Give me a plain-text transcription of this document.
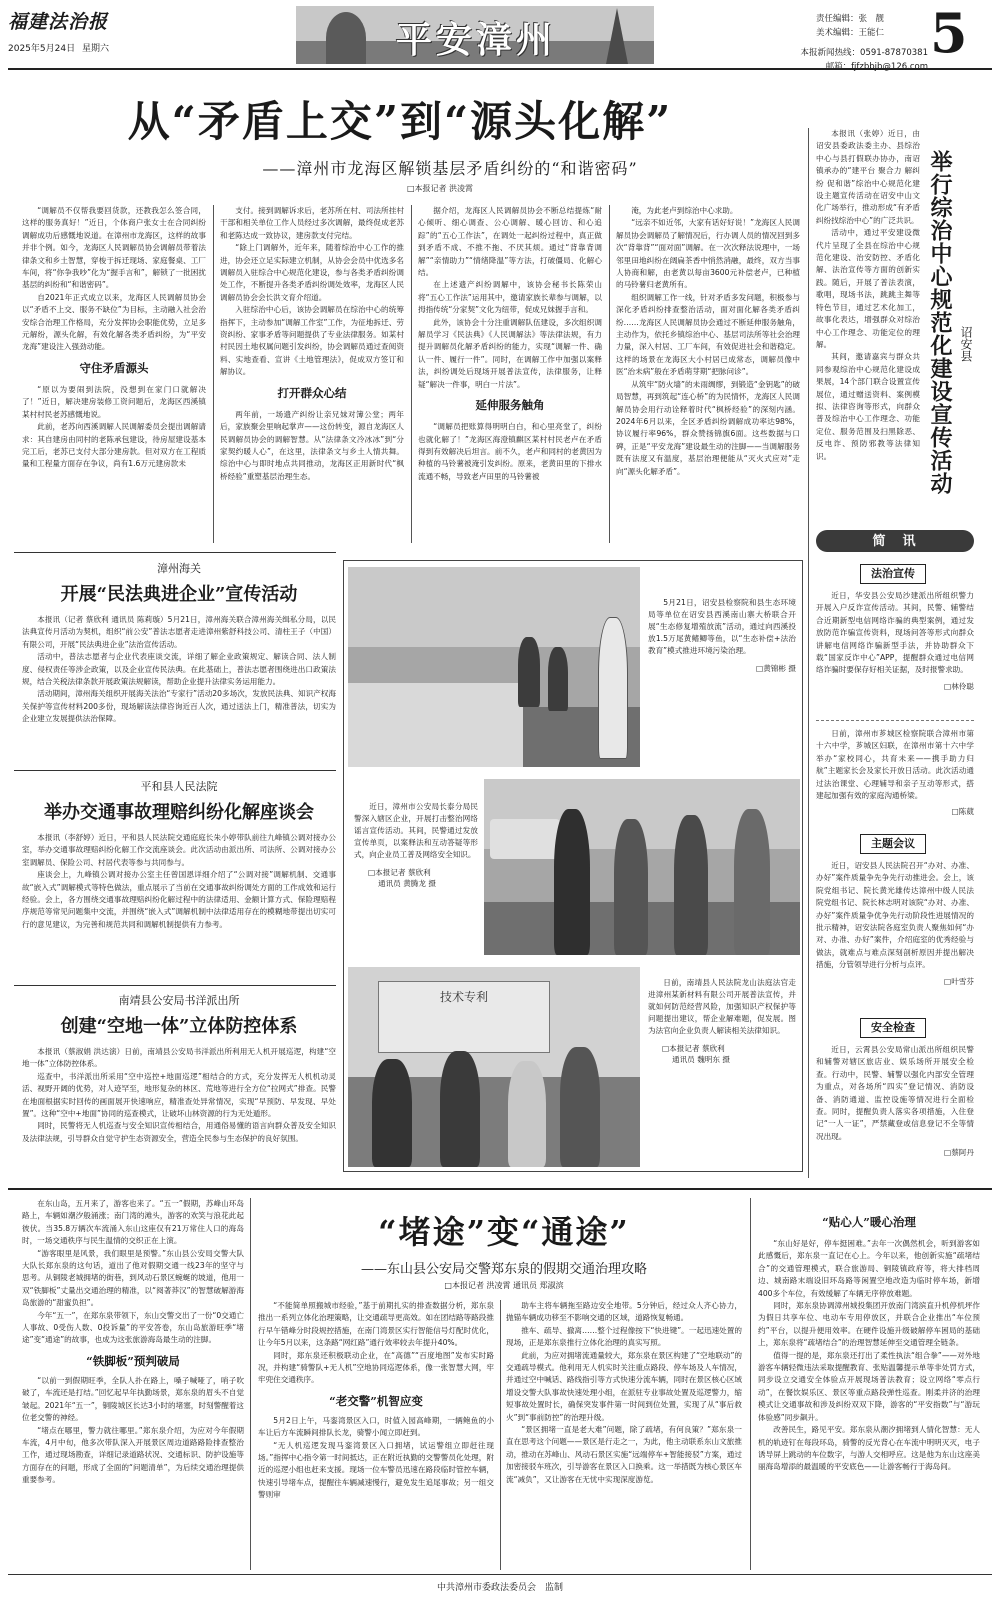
福建法治报
2025年5月24日 星期六	平安漳州	责任编辑：张　靓
美术编辑：王能仁 5
本报新闻热线：0591-87870381
邮箱：fjfzbbjb@126.com
从“矛盾上交”到“源头化解”
——漳州市龙海区解锁基层矛盾纠纷的“和谐密码”
□本报记者 洪凌霄

“调解员不仅帮我要回货款，还教我怎么签合同，这样的服务真好！”近日，个体商户张女士在合同纠纷调解成功后感慨地说道。在漳州市龙海区，这样的故事并非个例。如今，龙海区人民调解员协会调解员带着法律条文和乡土智慧，穿梭于拆迁现场、家庭餐桌、工厂车间，将“你争我吵”化为“握手言和”，解锁了一批困扰基层的纠纷和“和谐密码”。

自2021年正式成立以来，龙海区人民调解员协会以“矛盾不上交、服务不缺位”为目标，主动融入社会治安综合治理工作格局，充分发挥协会职能优势，立足多元解纷，源头化解，有效化解各类矛盾纠纷，为“平安龙海”建设注入强劲动能。

守住矛盾源头

“原以为要闹到法院，没想到在家门口就解决了！”近日，解决建房装修工资问题后，龙海区西溪镇某村村民老苏感慨地说。

此前，老苏向西溪调解人民调解委员会提出调解请求：其自建房由同村的老陈承包建设，待房屋建设基本完工后，老苏已支付大部分建房款。但对双方在工程质量和工程量方面存在争议，尚有1.6万元建房款未

支付。接到调解诉求后，老苏所在村、司法所挂村干部和相关单位工作人员经过多次调解，最终促成老苏和老陈达成一致协议，建房款支付完结。

“除上门调解外，近年来，随着综治中心工作的推进，协会还立足实际建立机制，从协会会员中优选多名调解员入驻综合中心规范化建设，参与各类矛盾纠纷调处工作，不断提升各类矛盾纠纷调处效率，龙海区人民调解员协会会长洪文育介绍道。

入驻综治中心后，该协会调解员在综治中心的统筹指挥下，主动参加“调解工作室”工作，为征地拆迁、劳资纠纷、家事矛盾等问题提供了专业法律服务。如某村村民因土地权属问题引发纠纷，协会调解员通过查阅资料、实地查看、宣讲《土地管理法》，促成双方签订和解协议。

打开群众心结

两年前，一场遗产纠纷让亲兄妹对簿公堂；两年后，家族聚会里响起掌声——这份转变，源自龙海区人民调解员协会的调解智慧。从“法律条文冷冰冰”到“分家契约暖人心”，在这里，法律条文与乡土人情共舞。综治中心与即时地点共同推动，龙海区正用新时代“枫桥经验”重塑基层治理生态。

据介绍，龙海区人民调解员协会不断总结提炼“耐心倾听、细心调查、公心调解、暖心回访、和心追踪”的“五心工作法”，在调处一起纠纷过程中，真正做到矛盾不成、不推不拖、不厌其烦。通过“背靠背调解”“亲情助力”“情绪降温”等方法，打破僵局、化解心结。

在上述遗产纠纷调解中，该协会秘书长陈荣山将“五心工作法”运用其中，邀请家族长辈参与调解，以拇指传统“分家契”文化为纽带，促成兄妹握手言和。

此外，该协会十分注重调解队伍建设，多次组织调解员学习《民法典》《人民调解法》等法律法规，有力提升调解员化解矛盾纠纷的能力，实现“调解一件、确认一件、履行一件”。同时，在调解工作中加强以案释法，纠纷调处后现场开展普法宣传，法律服务，让释疑“解决一件事，明白一片法”。

延伸服务触角

“调解员把账算得明明白白，和心里亮堂了，纠纷也就化解了！”龙海区海澄镇麒区某村村民老卢在矛盾得到有效解决后坦言。前不久，老卢和同村的老黄因为种植的马铃薯被淹引发纠纷。原来，老黄田里的下排水流通不畅，导致老卢田里的马铃薯被

淹，为此老卢到综治中心求助。

“远亲不如近邻，大家有话好好说！”龙海区人民调解员协会调解员了解情况后，行办调人员的情况回到多次“背靠背”“面对面”调解。在一次次释法说理中，一场邻里田地纠纷在阔扁茶香中悄然消融，最终，双方当事人协商和解，由老黄以每亩3600元补偿老卢，已种植的马铃薯归老黄所有。

组织调解工作一线，针对矛盾多发问题，积极参与深化矛盾纠纷排查整治活动，面对面化解各类矛盾纠纷……龙海区人民调解员协会通过不断延伸服务触角，主动作为，依托乡镇综治中心、基层司法所等社会治理力量，深入村居、工厂车间，有效促进社会和谐稳定。这样的场景在龙海区大小村居已成常态，调解员像中医“治未病”般在矛盾萌芽期“把脉问诊”。

从筑牢“防火墙”的未雨绸缪，到锻造“金钥匙”的破局智慧，再到筑起“连心桥”的为民情怀，龙海区人民调解员协会用行动诠释着时代“枫桥经验”的深刻内涵。2024年6月以来，全区矛盾纠纷调解成功率达98%，协议履行率96%，群众赞扬锦旗6面。这些数据与口碑，正是“平安龙海”建设最生动的注脚——当调解服务既有法度又有温度，基层治理便能从“灭火式应对”走向“源头化解矛盾”。

本报讯（张婷）近日，由诏安县委政法委主办、县综治中心与县打假联办协办，南诏镇承办的“建平台 聚合力 解纠纷 促和谐”综治中心规范化建设主题宣传活动在诏安中山文化广场举行，推动形成“有矛盾纠纷找综治中心”的广泛共识。

活动中，通过平安建设微代片呈现了全县在综治中心规范化建设、治安防控、矛盾化解、法治宣传等方面的创新实践。随后，开展了普法表演，歌唱，现场书法，跳跳主舞等特色节目，通过艺术化加工，故事化表达，增强群众对综治中心工作理念、功能定位的理解。

其间，邀请嘉宾与群众共同参观综治中心规范化建设成果展，14个部门联合设置宣传展位，通过赠送资料、案例模拟、法律咨询等形式，向群众普及综治中心工作理念、功能定位、服务范围及扫黑除恶、反电诈、预防邪教等法律知识。	举行综治中心规范化建设宣传活动 诏安县
简　讯
法治宣传

近日，华安县公安局沙建派出所组织警力开展入户反诈宣传活动。其间，民警、辅警结合近期新型电信网络诈骗的典型案例，通过发放防范诈骗宣传资料，现场问答等形式向群众讲解电信网络诈骗新型手法，并协助群众下载“国家反诈中心”APP，提醒群众通过电信网络诈骗时要保存好相关证据，及时报警求助。

□林伶聪

日前，漳州市芗城区检察院联合漳州市第十六中学，芗城区妇联，在漳州市第十六中学举办“家校同心，共育未来——携手助力归航”主题家长会及家长开放日活动。此次活动通过法治课堂、心理辅导和亲子互动等形式，搭建起加强有效的家庭沟通桥梁。

□陈葳
主题会议

近日，诏安县人民法院召开“办对、办准、办好”案件质量争先争先行动推进会。会上，该院党组书记、院长黄光雄传达漳州中级人民法院党组书记、院长林志明对该院“办对、办准、办好”案件质量争优争先行动阶段性进展情况的批示精神，诏安法院各庭室负责人聚焦如何“办对、办准、办好”案件，介绍庭室的优秀经验与做法，就难点与难点深刻剖析原因并提出解决措施，分管领导进行分析与点评。

□叶雪芬
安全检查

近日，云霄县公安局常山派出所组织民警和辅警对辖区旅店业、娱乐场所开展安全检查。行动中，民警、辅警以强化内部安全管理为重点，对各场所“四实”登记情况、消防设备、消防通道、监控设施等情况进行全面检查。同时，提醒负责人落实各项措施，入住登记“一人一证”，严禁藏登或信息登记不全等情况出现。

□蔡阿丹
漳州海关
开展“民法典进企业”宣传活动

本报讯（记者 蔡欣利 通讯员 陈莉璇）5月21日，漳州海关联合漳州海关缉私分局，以民法典宣传月活动为契机，组织“前公安”普法志愿者走进漳州紫舒科技公司、清柱王子（中国）有限公司，开展“民法典进企业”法治宣传活动。

活动中，普法志愿者与企业代表座谈交流，详细了解企业政策规定、解读合同、法人制度、侵权责任等涉企政策，以及企业宣传民法典。在此基础上，普法志愿者围绕进出口政策法规，结合关税法律条款开展政策法规解读，帮助企业提升法律实务运用能力。

活动期间，漳州海关组织开展海关法治“专家行”活动20多场次，发放民法典、知识产权海关保护等宣传材料200多份，现场解读法律咨询近百人次，通过送法上门，精准普法，切实为企业建立发展提供法治保障。

平和县人民法院
举办交通事故理赔纠纷化解座谈会

本报讯（李舒婷）近日，平和县人民法院交通庭庭长朱小婷带队前往九峰镇公调对接办公室，举办交通事故理赔纠纷化解工作交流座谈会。此次活动由派出所、司法所、公调对接办公室调解员、保险公司、村居代表等参与共同参与。

座谈会上，九峰镇公调对接办公室主任曾国恩详细介绍了“公调对接”调解机制、交通事故“嵌入式”调解模式等特色做法，重点展示了当前在交通事故纠纷调处方面的工作成效和运行经验。会上，各方围绕交通事故理赔纠纷化解过程中的法律适用、金额计算方式、保险理赔程序规范等常见问题集中交流，并围绕“嵌入式”调解机制中法律适用存在的模糊地带提出切实可行的意见建议，为完善和规范共同和调解机制提供有力参考。

南靖县公安局书洋派出所
创建“空地一体”立体防控体系

本报讯（蔡淑娟 洪达演）日前，南靖县公安局书洋派出所利用无人机开展巡逻，构建“空地一体”立体防控体系。

巡查中，书洋派出所采用“空中巡控+地面巡逻”相结合的方式，充分发挥无人机机动灵活、视野开阔的优势，对人迹罕至，地形复杂的林区、荒地等进行全方位“拉网式”排查。民警在地面根据实时回传的画面展开快速响应，精准查处异常情况，实现“早预防、早发现、早处置”。这种“空中+地面”协同的巡查模式，让破坏山林资源的行为无处遁形。

同时，民警将无人机巡查与安全知识宣传相结合，用通俗易懂的语言向群众普及安全知识及法律法规，引导群众自觉守护生态资源安全，营造全民参与生态保护的良好氛围。

5月21日，诏安县检察院和县生态环境局等单位在诏安县西溪南山寨大桥联合开展“生态修复增殖放流”活动，通过向西溪投放1.5万尾黄鳍鲫等鱼，以“生态补偿+法治教育”模式推进环境污染治理。

□黄锦彬 摄

近日，漳州市公安局长泰分局民警深入辖区企业，开展打击整治网络谣言宣传活动。其间，民警通过发放宣传单页，以案释法和互动答疑等形式，向企业员工普及网络安全知识。

□本报记者 蔡欣利
通讯员 黄腾龙 摄
技术专利

日前，南靖县人民法院龙山法庭法官走进漳州某新材料有限公司开展普法宣传，并就如何防范经营风险，加强知识产权保护等问题提出建议，帮企业解难题，促发展。图为法官向企业负责人解读相关法律知识。

□本报记者 蔡欣利
通讯员 魏明东 摄

在东山岛，五月来了，游客也来了。“五一”假期，苏峰山环岛路上，车辆如潮汐般涌涨；南门湾的滩头，游客的欢笑与浪花此起彼伏。当35.8万辆次车流涌入东山这座仅有21万常住人口的海岛时，一场交通秩序与民生温情的交织正在上演。

“游客眼里是风景，我们眼里是预警。”东山县公安局交警大队大队长郑东泉的这句话，道出了他对假期交通一线23年的坚守与思考。从铜陵老城拥堵的街巷，到风动石景区蜿蜒的坡道，他用一双“铁脚板”丈量出交通治理的精准，以“阅著莽汉”的智慧破解游海岛旅游的“甜蜜负担”。

今年“五一”，在郑东泉带领下，东山交警交出了一份“0交通亡人事故、0受伤人数、0投诉量”的平安答卷，东山岛旅游旺季“堵途”变“通途”的故事，也成为这张旅游海岛最生动的注脚。

“铁脚板”预判破局

“以前一到假期旺季，全队人扑在路上，嗓子喊哑了，哨子吹破了，车流还是打结。”回忆起早年执勤场景，郑东泉的眉头不自觉皱起。2021年“五一”，铜陵城区长达3小时的堵塞，时刻警醒着这位老交警的神经。

“堵点在哪里，警力就往哪里。”郑东泉介绍，为应对今年假期车流，4月中旬，他多次带队深入开展景区周边道路路险排查整治工作，通过现场勘查，详细记录道路状况、交通标识、防护设施等方面存在的问题，形成了全面的“问题清单”，为后续交通治理提供重要参考。

“堵途”变“通途”
——东山县公安局交警郑东泉的假期交通治理攻略
□本报记者 洪凌霄 通讯员 郑淑滨

“不能简单照搬城市经验，”基于前期扎实的排查数据分析，郑东泉推出一系列立体化治理策略，让交通疏导更高效。如在团结路等路段推行早午错峰分时段规控措施，在南门湾景区实行智能信号灯配时优化，让今年5月以来，这条路“网红路”通行效率较去年提升40%。

同时，郑东泉还积极联动企业，在“高德”“百度地图”发布实时路况，并构建“骑警队+无人机”空地协同巡逻体系，像一张智慧大网，牢牢兜住交通秩序。

“老交警”机智应变

5月2日上午，马銮湾景区入口，时值入园高峰期，一辆鲍鱼的小车让后方车流瞬间排队长龙，骑警小闻立即赶到。

“无人机巡逻发现马銮湾景区入口拥堵，试运警组立即赶往现场。”指挥中心指令第一时间抵达，正在附近执勤的交警警员化处理，附近的巡逻小组也赶来支援。现场一位车警员迅速在路段临时管控车辆，快速引导堵车点，提醒往车辆减速慢行，避免发生追尾事故；另一组交警则审

助车主将车辆拖至路边安全地带。5分钟后，经过众人齐心协力，抛锚车辆成功移至不影响交通的区域，道路恢复畅通。

推车、疏导、撤离……整个过程像按下“快进键”。一起迅速处置的现场，正是郑东泉推行立体化治理的真实写照。

此前，为应对拥堵流通量较大，郑东泉在景区构建了“空地联动”的交通疏导模式。他利用无人机实时关注重点路段、停车场及人车情况，并通过空中喊话、路线指引等方式快速分流车辆，同时在景区核心区域增设交警大队事故快速处理小组，在派驻专业事故处置及巡逻警力，缩短事故处置时长，确保突发事件第一时间到位处置，实现了从“事后救火”到“事前防控”的治理升级。

“景区拥堵一直是老大难”问题，除了疏堵，有何良策？”郑东泉一直在思考这个问题——景区是行走之一，为此，他主动联系东山文旅推动，推动在苏峰山、风动石景区实施“远端停车+智能接驳”方案，通过加密接驳车班次，引导游客在景区入口换乘。这一举措既为核心景区车流“减负”，又让游客在无忧中实现深度游览。

“贴心人”暖心治理

“东山好是好，停车挺困难。”去年一次偶然机会，听到游客如此感慨后，郑东泉一直记在心上。今年以来，他创新实施“疏堵结合”的交通管理模式，联合旅游局、铜陵镇政府等，将大排档周边、城南路末端设旧环岛路等闲置空地改造为临时停车场，新增400多个车位，有效缓解了车辆无序停放难题。

同时，郑东泉协调漳州城投集团开放南门湾滨直升机停机坪作为假日共享车位、电动车专用停放区，并联合企业推出“车位预约”平台，以提升便用效率。在硬件设施升级破解停车困局的基础上，郑东泉将“疏堵结合”的治理智慧延伸至交通管理全链条。

值得一提的是，郑东泉还打出了柔性执法“组合拳”——对外地游客车辆轻微违法采取提醒教育、张贴温馨提示单等非处罚方式，同步设立交通安全体验点开展现场普法教育；设立网络“零点行动”，在餐饮娱乐区、景区等重点路段弹性巡查。刚柔并济的治理模式让交通事故和涉及纠纷双双下降，游客的“平安指数”与“游玩体验感”同步飙升。

改善民生，路见平安。郑东泉从潮汐拥堵到人情化智慧：无人机的轨迹钉在每段环岛，骑警的反光背心在车流中明明灭灭，电子诱导屏上跳动的车位数字，与游人交相呼应。这是他为东山这座美丽海岛增添的最温暖的平安底色——让游客畅行于海岛间。

中共漳州市委政法委员会　监制
